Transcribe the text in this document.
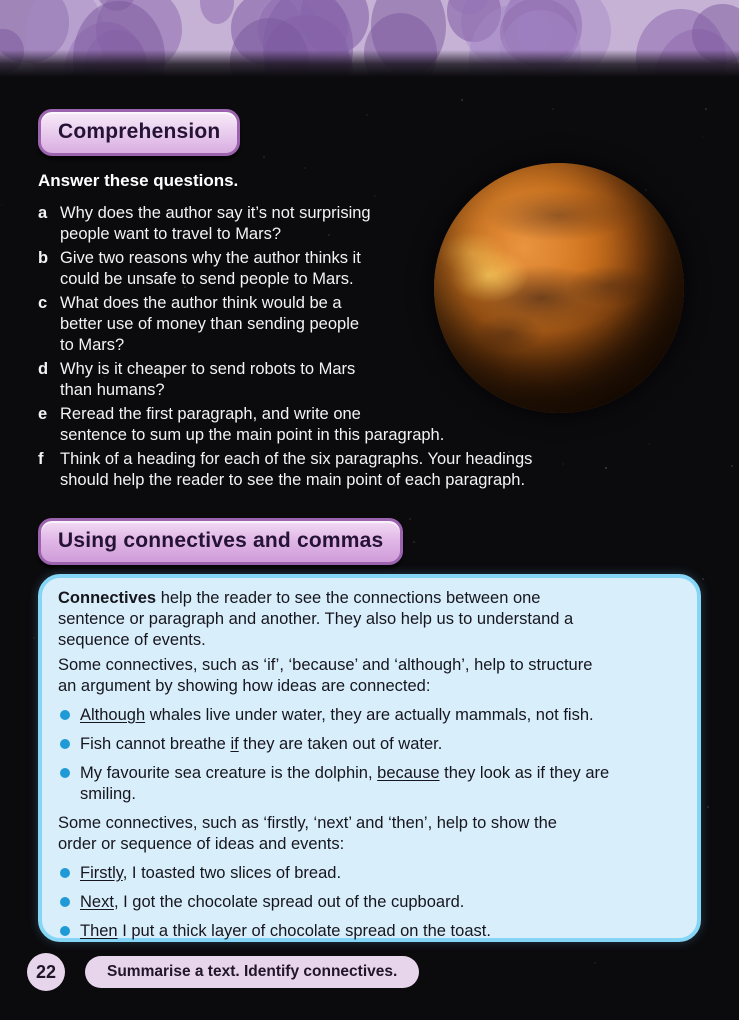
Comprehension
Answer these questions.
a Why does the author say it’s not surprising
people want to travel to Mars?
b Give two reasons why the author thinks it
could be unsafe to send people to Mars.
c What does the author think would be a
better use of money than sending people
to Mars?
d Why is it cheaper to send robots to Mars
than humans?
e Reread the first paragraph, and write one
sentence to sum up the main point in this paragraph.
f	Think of a heading for each of the six paragraphs. Your headings
should help the reader to see the main point of each paragraph.
Using connectives and commas

Connectives help the reader to see the connections between one
sentence or paragraph and another. They also help us to understand a
sequence of events.

Some connectives, such as ‘if’, ‘because’ and ‘although’, help to structure
an argument by showing how ideas are connected:

Although whales live under water, they are actually mammals, not fish.
Fish cannot breathe if they are taken out of water.
My favourite sea creature is the dolphin, because they look as if they are
smiling.

Some connectives, such as ‘firstly, ‘next’ and ‘then’, help to show the
order or sequence of ideas and events:

Firstly, I toasted two slices of bread.
Next, I got the chocolate spread out of the cupboard.
Then I put a thick layer of chocolate spread on the toast.
22	Summarise a text. Identify connectives.
